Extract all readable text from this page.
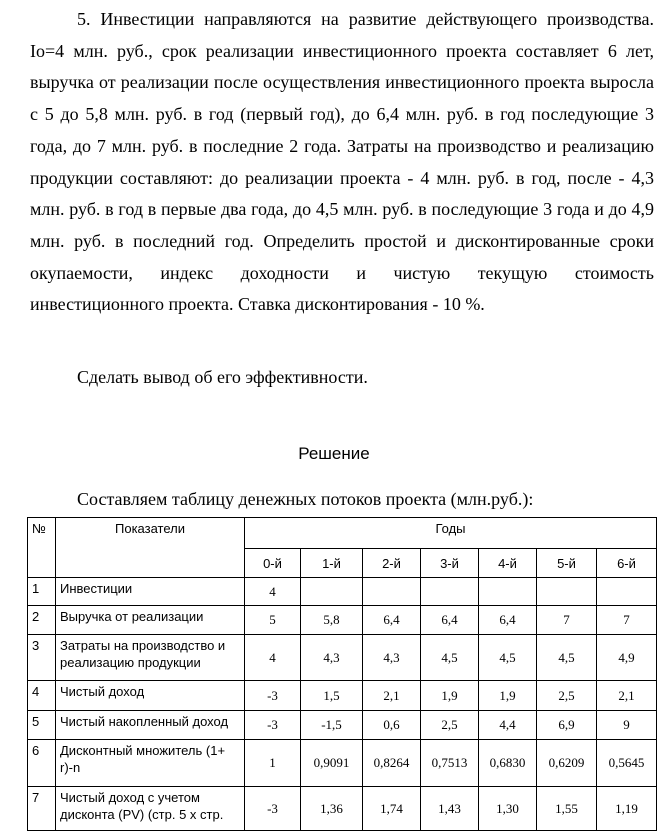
5. Инвестиции направляются на развитие действующего производства. Io=4 млн. руб., срок реализации инвестиционного проекта составляет 6 лет, выручка от реализации после осуществления инвестиционного проекта выросла с 5 до 5,8 млн. руб. в год (первый год), до 6,4 млн. руб. в год последующие 3 года, до 7 млн. руб. в последние 2 года. Затраты на производство и реализацию продукции составляют: до реализации проекта - 4 млн. руб. в год, после - 4,3 млн. руб. в год в первые два года, до 4,5 млн. руб. в последующие 3 года и до 4,9 млн. руб. в последний год. Определить простой и дисконтированные сроки окупаемости, индекс доходности и чистую текущую стоимость инвестиционного проекта. Ставка дисконтирования - 10 %.

Сделать вывод об его эффективности.

Решение

Составляем таблицу денежных потоков проекта (млн.руб.):

№	Показатели	Годы						
		0-й	1-й	2-й	3-й	4-й	5-й	6-й
1	Инвестиции	4						
2	Выручка от реализации	5	5,8	6,4	6,4	6,4	7	7
3	Затраты на производство и реализацию продукции	4	4,3	4,3	4,5	4,5	4,5	4,9
4	Чистый доход	-3	1,5	2,1	1,9	1,9	2,5	2,1
5	Чистый накопленный доход	-3	-1,5	0,6	2,5	4,4	6,9	9
6	Дисконтный множитель (1+ r)-n	1	0,9091	0,8264	0,7513	0,6830	0,6209	0,5645
7	Чистый доход с учетом дисконта (PV) (стр. 5 х стр.	-3	1,36	1,74	1,43	1,30	1,55	1,19
